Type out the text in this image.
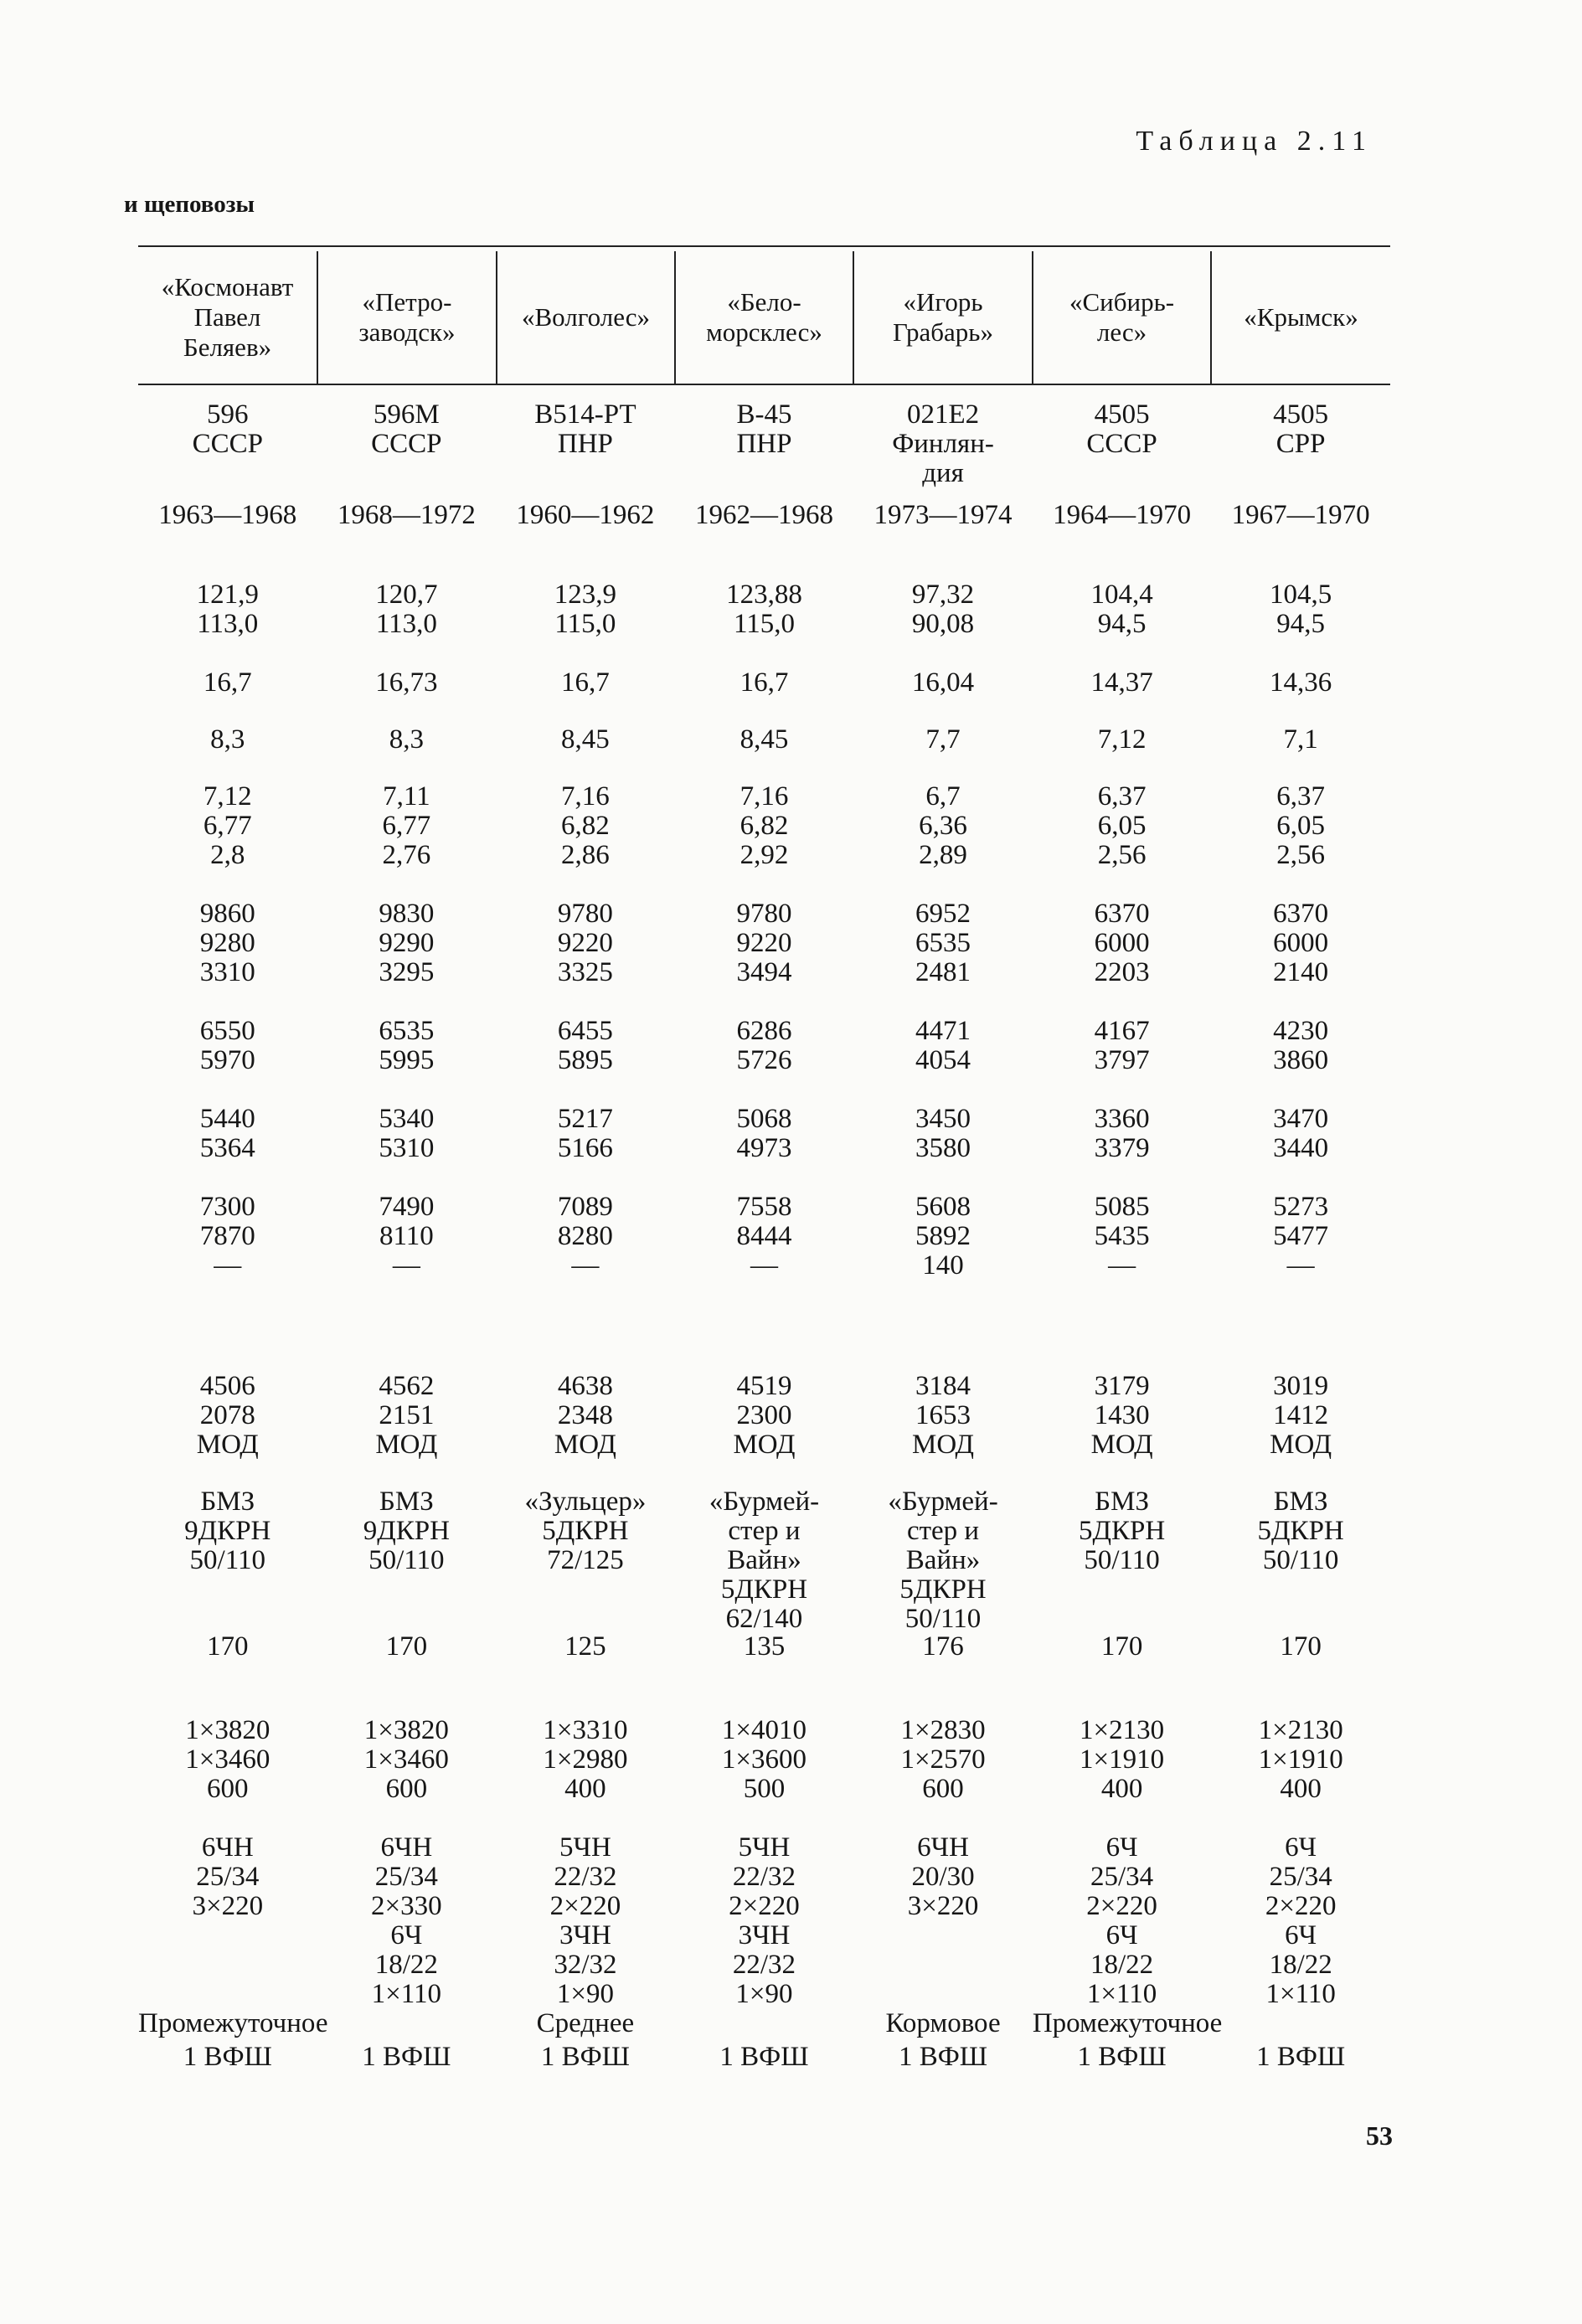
Таблица 2.11
и щеповозы
«Космонавт
Павел
Беляев»
«Петро-
заводск»
«Волголес»
«Бело-
морсклес»
«Игорь
Грабарь»
«Сибирь-
лес»
«Крымск»
596
СССР
1963—1968
121,9
113,0
16,7
8,3
7,12
6,77
2,8
9860
9280
3310
6550
5970
5440
5364
7300
7870
—
4506
2078
МОД
БМЗ
9ДКРН
50/110
170
1×3820
1×3460
600
6ЧН
25/34
3×220
Промежуточное
1 ВФШ
596М
СССР
1968—1972
120,7
113,0
16,73
8,3
7,11
6,77
2,76
9830
9290
3295
6535
5995
5340
5310
7490
8110
—
4562
2151
МОД
БМЗ
9ДКРН
50/110
170
1×3820
1×3460
600
6ЧН
25/34
2×330
6Ч
18/22
1×110
1 ВФШ
В514-РТ
ПНР
1960—1962
123,9
115,0
16,7
8,45
7,16
6,82
2,86
9780
9220
3325
6455
5895
5217
5166
7089
8280
—
4638
2348
МОД
«Зульцер»
5ДКРН
72/125
125
1×3310
1×2980
400
5ЧН
22/32
2×220
3ЧН
32/32
1×90
Среднее
1 ВФШ
В-45
ПНР
1962—1968
123,88
115,0
16,7
8,45
7,16
6,82
2,92
9780
9220
3494
6286
5726
5068
4973
7558
8444
—
4519
2300
МОД
«Бурмей-
стер и
Вайн»
5ДКРН
62/140
135
1×4010
1×3600
500
5ЧН
22/32
2×220
3ЧН
22/32
1×90
1 ВФШ
021Е2
Финлян-
дия
1973—1974
97,32
90,08
16,04
7,7
6,7
6,36
2,89
6952
6535
2481
4471
4054
3450
3580
5608
5892
140
3184
1653
МОД
«Бурмей-
стер и
Вайн»
5ДКРН
50/110
176
1×2830
1×2570
600
6ЧН
20/30
3×220
Кормовое
1 ВФШ
4505
СССР
1964—1970
104,4
94,5
14,37
7,12
6,37
6,05
2,56
6370
6000
2203
4167
3797
3360
3379
5085
5435
—
3179
1430
МОД
БМЗ
5ДКРН
50/110
170
1×2130
1×1910
400
6Ч
25/34
2×220
6Ч
18/22
1×110
Промежуточное
1 ВФШ
4505
СРР
1967—1970
104,5
94,5
14,36
7,1
6,37
6,05
2,56
6370
6000
2140
4230
3860
3470
3440
5273
5477
—
3019
1412
МОД
БМЗ
5ДКРН
50/110
170
1×2130
1×1910
400
6Ч
25/34
2×220
6Ч
18/22
1×110
1 ВФШ
53
